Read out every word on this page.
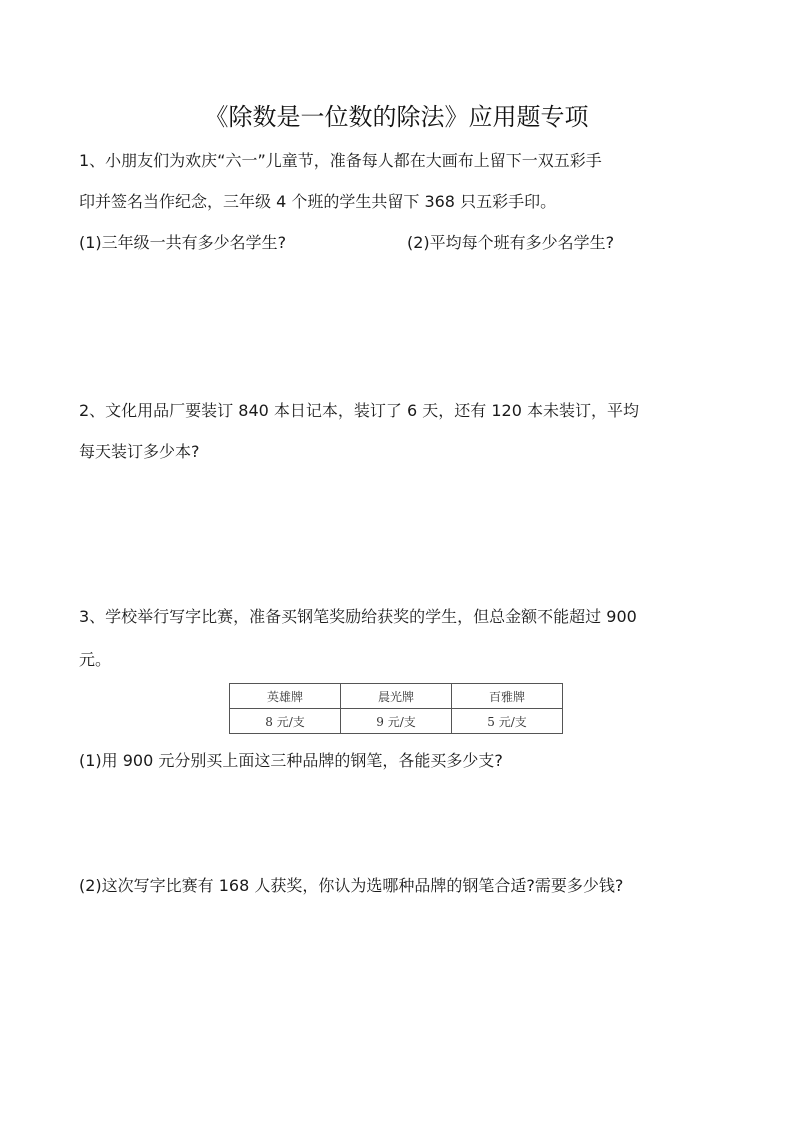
《除数是一位数的除法》应用题专项
1、小朋友们为欢庆“六一”儿童节，准备每人都在大画布上留下一双五彩手
印并签名当作纪念，三年级 4 个班的学生共留下 368 只五彩手印。
(1)三年级一共有多少名学生?	(2)平均每个班有多少名学生?
2、文化用品厂要装订 840 本日记本，装订了 6 天，还有 120 本未装订，平均
每天装订多少本?
3、学校举行写字比赛，准备买钢笔奖励给获奖的学生，但总金额不能超过 900
元。
英雄牌	晨光牌	百雅牌
8 元/支	9 元/支	5 元/支
(1)用 900 元分别买上面这三种品牌的钢笔，各能买多少支?
(2)这次写字比赛有 168 人获奖，你认为选哪种品牌的钢笔合适?需要多少钱?
